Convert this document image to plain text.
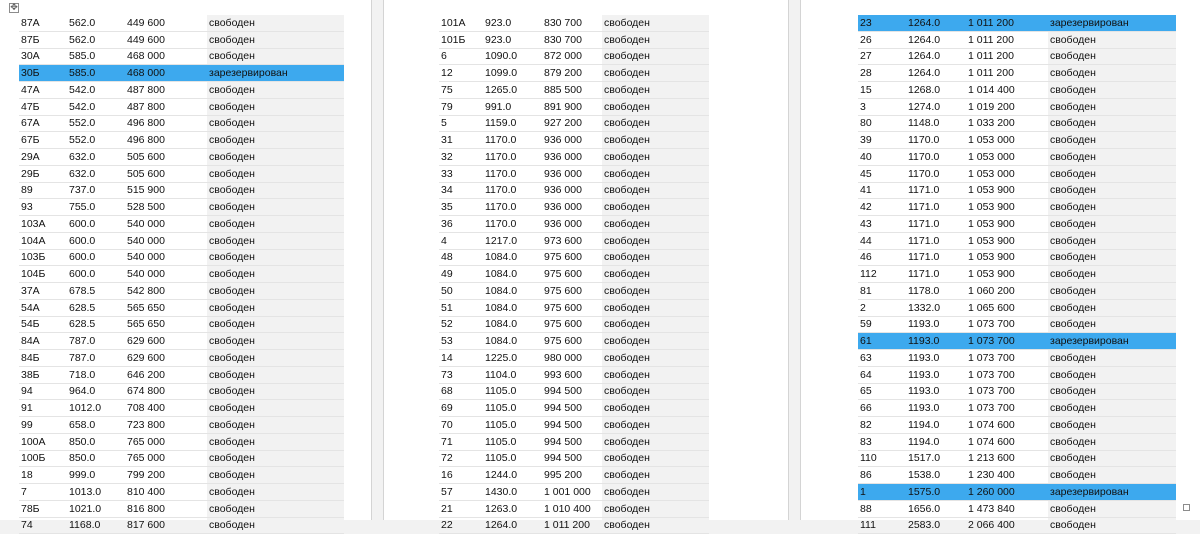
✥
87А	562.0	449 600	свободен
87Б	562.0	449 600	свободен
30А	585.0	468 000	свободен
30Б	585.0	468 000	зарезервирован
47А	542.0	487 800	свободен
47Б	542.0	487 800	свободен
67А	552.0	496 800	свободен
67Б	552.0	496 800	свободен
29А	632.0	505 600	свободен
29Б	632.0	505 600	свободен
89	737.0	515 900	свободен
93	755.0	528 500	свободен
103А	600.0	540 000	свободен
104А	600.0	540 000	свободен
103Б	600.0	540 000	свободен
104Б	600.0	540 000	свободен
37А	678.5	542 800	свободен
54А	628.5	565 650	свободен
54Б	628.5	565 650	свободен
84А	787.0	629 600	свободен
84Б	787.0	629 600	свободен
38Б	718.0	646 200	свободен
94	964.0	674 800	свободен
91	1012.0	708 400	свободен
99	658.0	723 800	свободен
100А	850.0	765 000	свободен
100Б	850.0	765 000	свободен
18	999.0	799 200	свободен
7	1013.0	810 400	свободен
78Б	1021.0	816 800	свободен
74	1168.0	817 600	свободен
101А	923.0	830 700	свободен
101Б	923.0	830 700	свободен
6	1090.0	872 000	свободен
12	1099.0	879 200	свободен
75	1265.0	885 500	свободен
79	991.0	891 900	свободен
5	1159.0	927 200	свободен
31	1170.0	936 000	свободен
32	1170.0	936 000	свободен
33	1170.0	936 000	свободен
34	1170.0	936 000	свободен
35	1170.0	936 000	свободен
36	1170.0	936 000	свободен
4	1217.0	973 600	свободен
48	1084.0	975 600	свободен
49	1084.0	975 600	свободен
50	1084.0	975 600	свободен
51	1084.0	975 600	свободен
52	1084.0	975 600	свободен
53	1084.0	975 600	свободен
14	1225.0	980 000	свободен
73	1104.0	993 600	свободен
68	1105.0	994 500	свободен
69	1105.0	994 500	свободен
70	1105.0	994 500	свободен
71	1105.0	994 500	свободен
72	1105.0	994 500	свободен
16	1244.0	995 200	свободен
57	1430.0	1 001 000	свободен
21	1263.0	1 010 400	свободен
22	1264.0	1 011 200	свободен
23	1264.0	1 011 200	зарезервирован
26	1264.0	1 011 200	свободен
27	1264.0	1 011 200	свободен
28	1264.0	1 011 200	свободен
15	1268.0	1 014 400	свободен
3	1274.0	1 019 200	свободен
80	1148.0	1 033 200	свободен
39	1170.0	1 053 000	свободен
40	1170.0	1 053 000	свободен
45	1170.0	1 053 000	свободен
41	1171.0	1 053 900	свободен
42	1171.0	1 053 900	свободен
43	1171.0	1 053 900	свободен
44	1171.0	1 053 900	свободен
46	1171.0	1 053 900	свободен
112	1171.0	1 053 900	свободен
81	1178.0	1 060 200	свободен
2	1332.0	1 065 600	свободен
59	1193.0	1 073 700	свободен
61	1193.0	1 073 700	зарезервирован
63	1193.0	1 073 700	свободен
64	1193.0	1 073 700	свободен
65	1193.0	1 073 700	свободен
66	1193.0	1 073 700	свободен
82	1194.0	1 074 600	свободен
83	1194.0	1 074 600	свободен
110	1517.0	1 213 600	свободен
86	1538.0	1 230 400	свободен
1	1575.0	1 260 000	зарезервирован
88	1656.0	1 473 840	свободен
111	2583.0	2 066 400	свободен
